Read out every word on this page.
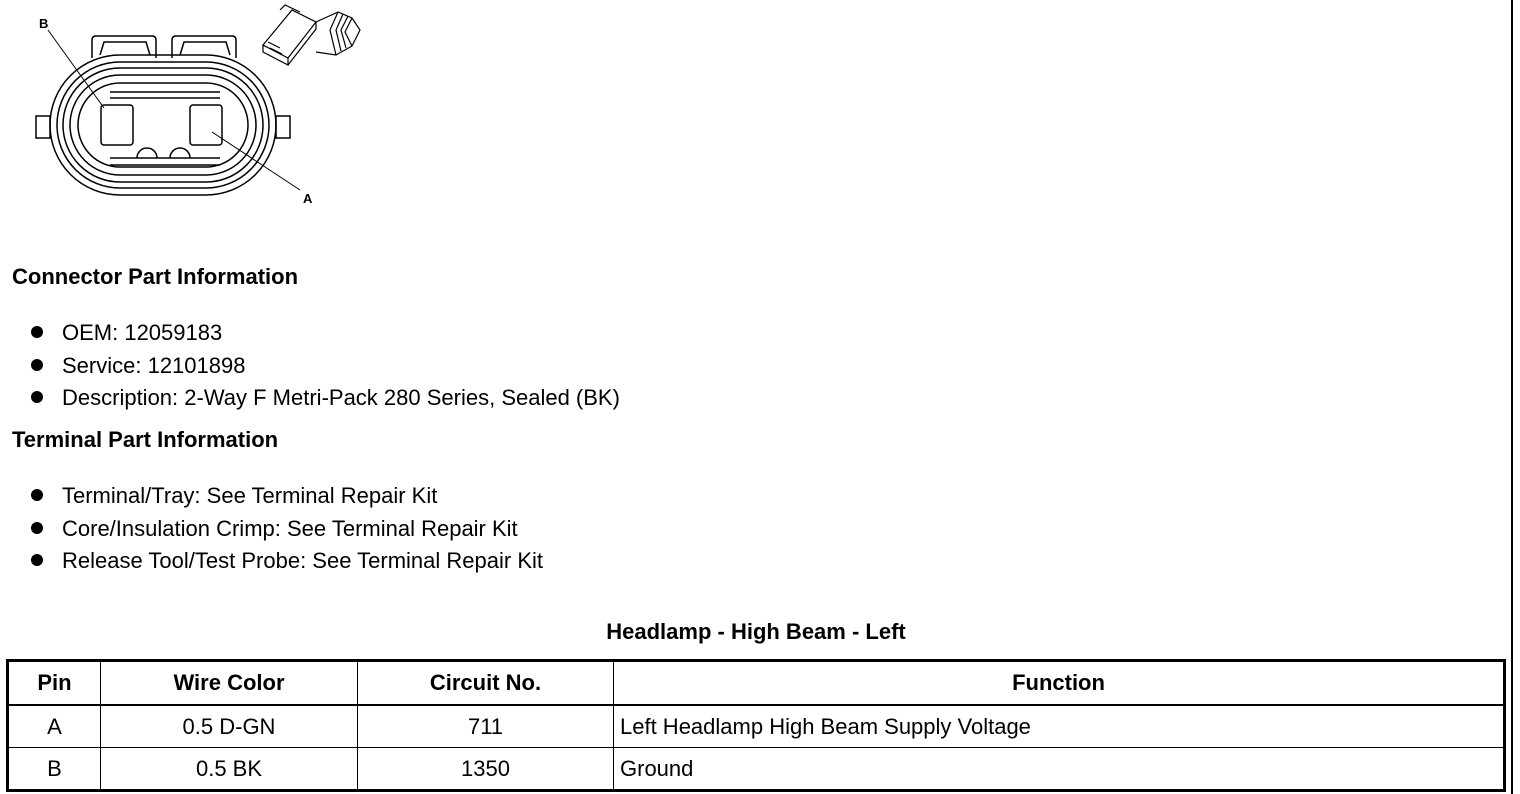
B
A
Connector Part Information
OEM: 12059183
Service: 12101898
Description: 2-Way F Metri-Pack 280 Series, Sealed (BK)
Terminal Part Information
Terminal/Tray: See Terminal Repair Kit
Core/Insulation Crimp: See Terminal Repair Kit
Release Tool/Test Probe: See Terminal Repair Kit
Headlamp - High Beam - Left
Pin	Wire Color	Circuit No.	Function
A	0.5 D-GN	711	Left Headlamp High Beam Supply Voltage
B	0.5 BK	1350	Ground
